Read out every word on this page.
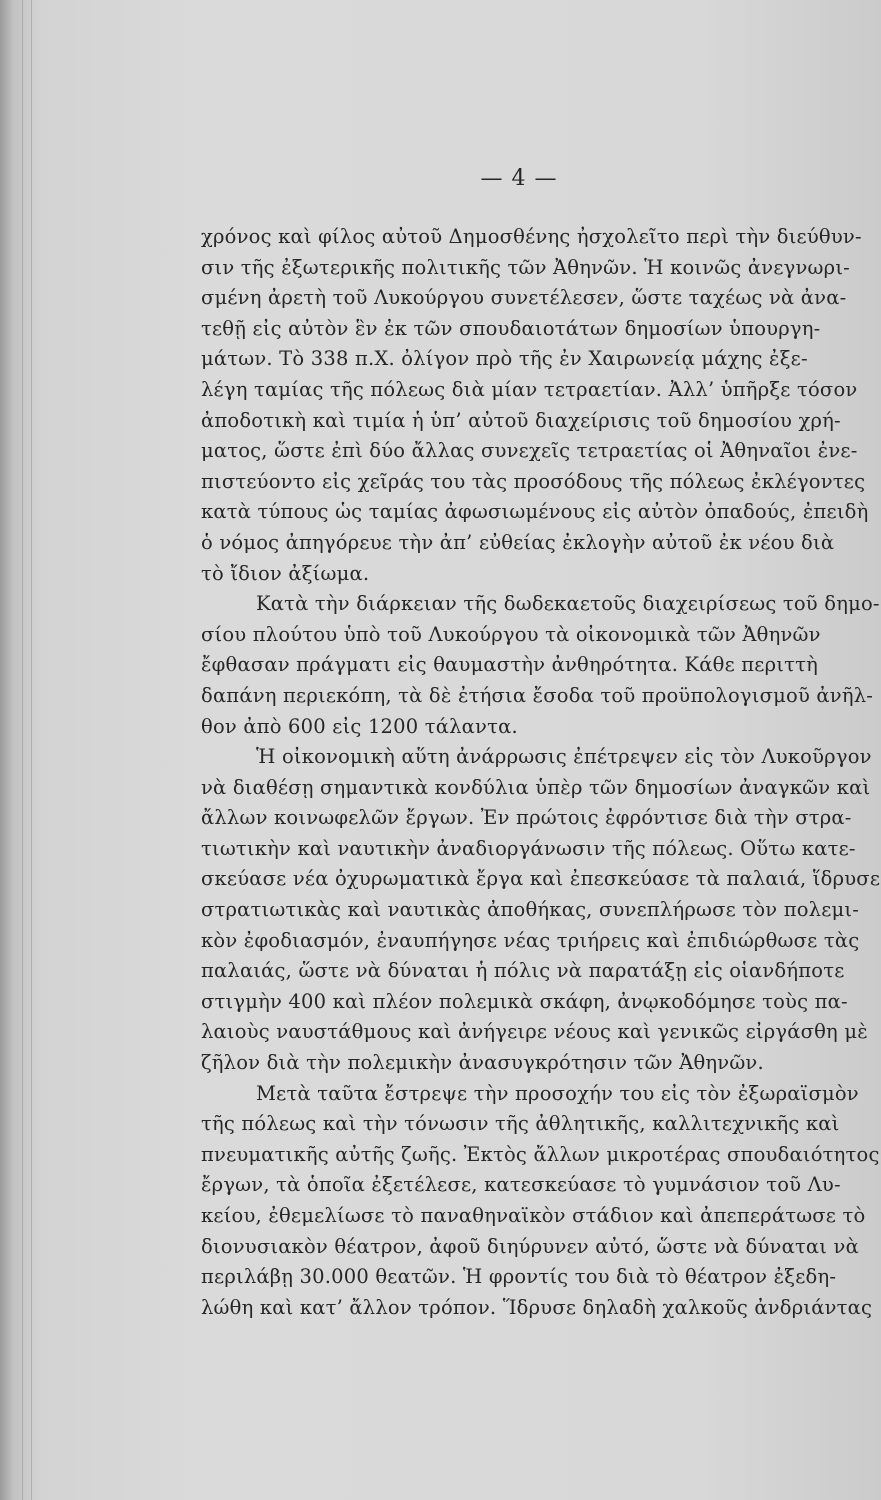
— 4 —
χρόνος καὶ φίλος αὐτοῦ Δημοσθένης ἠσχολεῖτο περὶ τὴν διεύθυν-
σιν τῆς ἐξωτερικῆς πολιτικῆς τῶν Ἀθηνῶν. Ἡ κοινῶς ἀνεγνωρι-
σμένη ἀρετὴ τοῦ Λυκούργου συνετέλεσεν, ὥστε ταχέως νὰ ἀνα-
τεθῇ εἰς αὐτὸν ἓν ἐκ τῶν σπουδαιοτάτων δημοσίων ὑπουργη-
μάτων. Τὸ 338 π.Χ. ὀλίγον πρὸ τῆς ἐν Χαιρωνείᾳ μάχης ἐξε-
λέγη ταμίας τῆς πόλεως διὰ μίαν τετραετίαν. Ἀλλ’ ὑπῆρξε τόσον
ἀποδοτικὴ καὶ τιμία ἡ ὑπ’ αὐτοῦ διαχείρισις τοῦ δημοσίου χρή-
ματος, ὥστε ἐπὶ δύο ἄλλας συνεχεῖς τετραετίας οἱ Ἀθηναῖοι ἐνε-
πιστεύοντο εἰς χεῖράς του τὰς προσόδους τῆς πόλεως ἐκλέγοντες
κατὰ τύπους ὡς ταμίας ἀφωσιωμένους εἰς αὐτὸν ὀπαδούς, ἐπειδὴ
ὁ νόμος ἀπηγόρευε τὴν ἀπ’ εὐθείας ἐκλογὴν αὐτοῦ ἐκ νέου διὰ
τὸ ἴδιον ἀξίωμα.
Κατὰ τὴν διάρκειαν τῆς δωδεκαετοῦς διαχειρίσεως τοῦ δημο-
σίου πλούτου ὑπὸ τοῦ Λυκούργου τὰ οἰκονομικὰ τῶν Ἀθηνῶν
ἔφθασαν πράγματι εἰς θαυμαστὴν ἀνθηρότητα. Κάθε περιττὴ
δαπάνη περιεκόπη, τὰ δὲ ἐτήσια ἔσοδα τοῦ προϋπολογισμοῦ ἀνῆλ-
θον ἀπὸ 600 εἰς 1200 τάλαντα.
Ἡ οἰκονομικὴ αὕτη ἀνάρρωσις ἐπέτρεψεν εἰς τὸν Λυκοῦργον
νὰ διαθέσῃ σημαντικὰ κονδύλια ὑπὲρ τῶν δημοσίων ἀναγκῶν καὶ
ἄλλων κοινωφελῶν ἔργων. Ἐν πρώτοις ἐφρόντισε διὰ τὴν στρα-
τιωτικὴν καὶ ναυτικὴν ἀναδιοργάνωσιν τῆς πόλεως. Οὕτω κατε-
σκεύασε νέα ὀχυρωματικὰ ἔργα καὶ ἐπεσκεύασε τὰ παλαιά, ἵδρυσε
στρατιωτικὰς καὶ ναυτικὰς ἀποθήκας, συνεπλήρωσε τὸν πολεμι-
κὸν ἐφοδιασμόν, ἐναυπήγησε νέας τριήρεις καὶ ἐπιδιώρθωσε τὰς
παλαιάς, ὥστε νὰ δύναται ἡ πόλις νὰ παρατάξῃ εἰς οἱανδήποτε
στιγμὴν 400 καὶ πλέον πολεμικὰ σκάφη, ἀνῳκοδόμησε τοὺς πα-
λαιοὺς ναυστάθμους καὶ ἀνήγειρε νέους καὶ γενικῶς εἰργάσθη μὲ
ζῆλον διὰ τὴν πολεμικὴν ἀνασυγκρότησιν τῶν Ἀθηνῶν.
Μετὰ ταῦτα ἔστρεψε τὴν προσοχήν του εἰς τὸν ἐξωραϊσμὸν
τῆς πόλεως καὶ τὴν τόνωσιν τῆς ἀθλητικῆς, καλλιτεχνικῆς καὶ
πνευματικῆς αὐτῆς ζωῆς. Ἐκτὸς ἄλλων μικροτέρας σπουδαιότητος
ἔργων, τὰ ὁποῖα ἐξετέλεσε, κατεσκεύασε τὸ γυμνάσιον τοῦ Λυ-
κείου, ἐθεμελίωσε τὸ παναθηναϊκὸν στάδιον καὶ ἀπεπεράτωσε τὸ
διονυσιακὸν θέατρον, ἀφοῦ διηύρυνεν αὐτό, ὥστε νὰ δύναται νὰ
περιλάβῃ 30.000 θεατῶν. Ἡ φροντίς του διὰ τὸ θέατρον ἐξεδη-
λώθη καὶ κατ’ ἄλλον τρόπον. Ἵδρυσε δηλαδὴ χαλκοῦς ἀνδριάντας
